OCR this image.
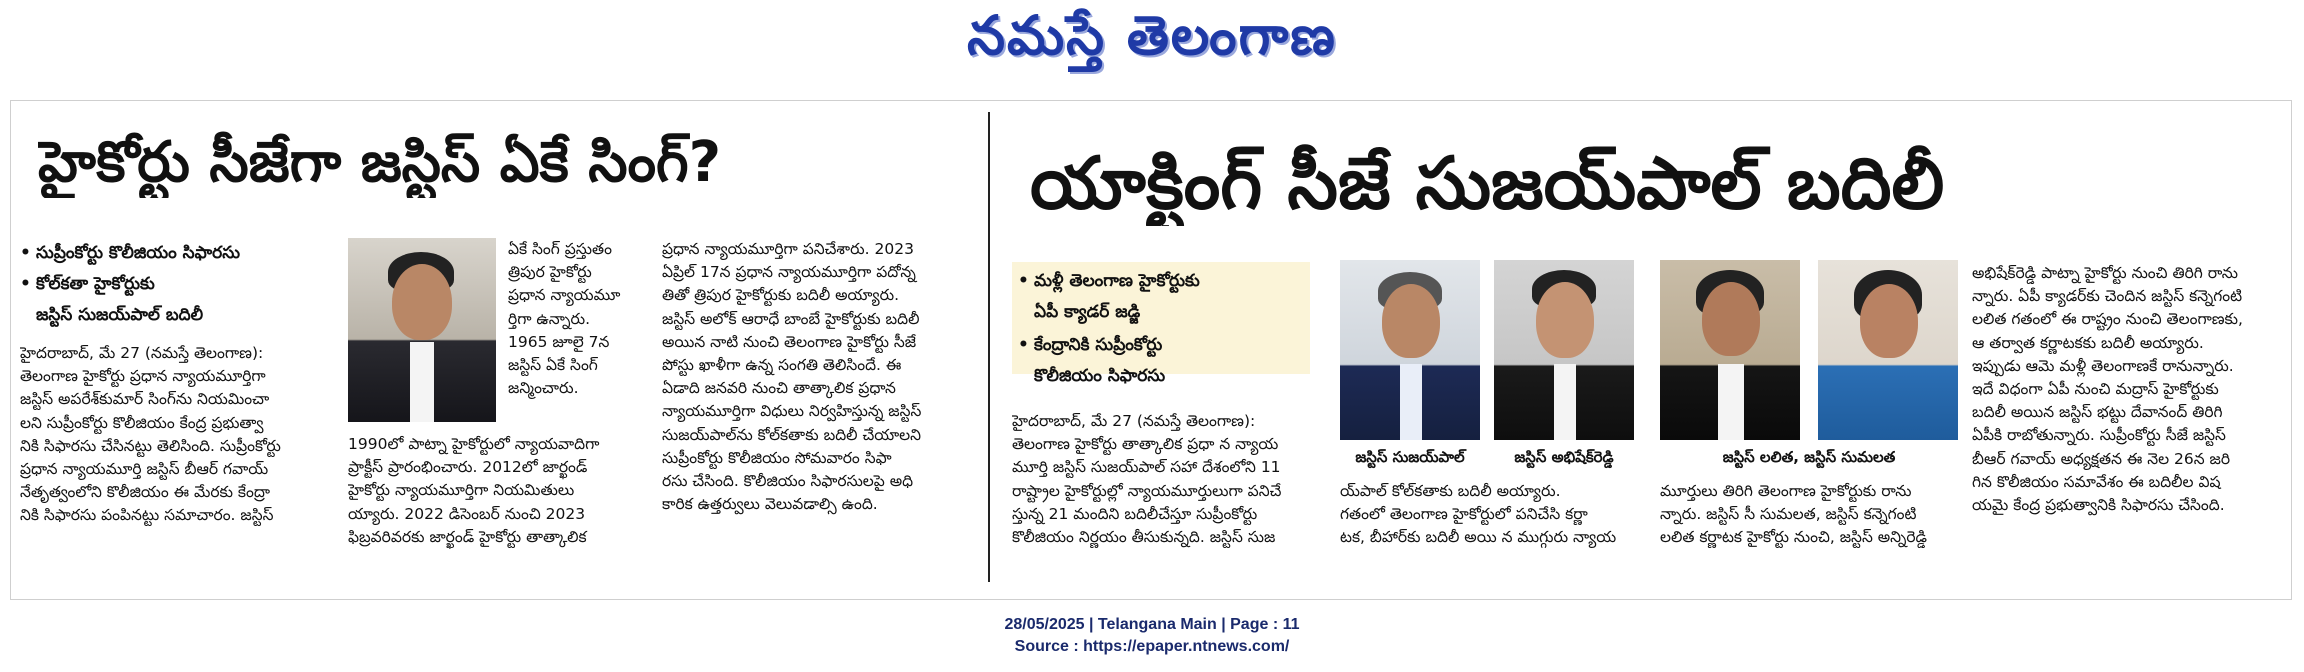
నమస్తే తెలంగాణ
హైకోర్టు సీజేగా జస్టిస్ ఏకే సింగ్?
• సుప్రీంకోర్టు కొలీజియం సిఫారసు
• కోల్‌కతా హైకోర్టుకు
జస్టిస్ సుజయ్‌పాల్ బదిలీ
హైదరాబాద్, మే 27 (నమస్తే తెలంగాణ):
తెలంగాణ హైకోర్టు ప్రధాన న్యాయమూర్తిగా
జస్టిస్ అపరేశ్‌కుమార్ సింగ్‌ను నియమించా
లని సుప్రీంకోర్టు కొలీజియం కేంద్ర ప్రభుత్వా
నికి సిఫారసు చేసినట్టు తెలిసింది. సుప్రీంకోర్టు
ప్రధాన న్యాయమూర్తి జస్టిస్ బీఆర్ గవాయ్
నేతృత్వంలోని కొలీజియం ఈ మేరకు కేంద్రా
నికి సిఫారసు పంపినట్టు సమాచారం. జస్టిస్
ఏకే సింగ్ ప్రస్తుతం
త్రిపుర హైకోర్టు
ప్రధాన న్యాయమూ
ర్తిగా ఉన్నారు.
1965 జూలై 7న
జస్టిస్ ఏకే సింగ్
జన్మించారు.
1990లో పాట్నా హైకోర్టులో న్యాయవాదిగా
ప్రాక్టీస్ ప్రారంభించారు. 2012లో జార్ఖండ్
హైకోర్టు న్యాయమూర్తిగా నియమితులు
య్యారు. 2022 డిసెంబర్ నుంచి 2023
ఫిబ్రవరివరకు జార్ఖండ్ హైకోర్టు తాత్కాలిక
ప్రధాన న్యాయమూర్తిగా పనిచేశారు. 2023
ఏప్రిల్ 17న ప్రధాన న్యాయమూర్తిగా పదోన్న
తితో త్రిపుర హైకోర్టుకు బదిలీ అయ్యారు.
జస్టిస్ అలోక్ ఆరాధే బాంబే హైకోర్టుకు బదిలీ
అయిన నాటి నుంచి తెలంగాణ హైకోర్టు సీజే
పోస్టు ఖాళీగా ఉన్న సంగతి తెలిసిందే. ఈ
ఏడాది జనవరి నుంచి తాత్కాలిక ప్రధాన
న్యాయమూర్తిగా విధులు నిర్వహిస్తున్న జస్టిస్
సుజయ్‌పాల్‌ను కోల్‌కతాకు బదిలీ చేయాలని
సుప్రీంకోర్టు కొలీజియం సోమవారం సిఫా
రసు చేసింది. కొలీజియం సిఫారసులపై అధి
కారిక ఉత్తర్వులు వెలువడాల్సి ఉంది.
యాక్టింగ్ సీజే సుజయ్‌పాల్ బదిలీ
• మళ్లీ తెలంగాణ హైకోర్టుకు
ఏపీ క్యాడర్ జడ్జి
• కేంద్రానికి సుప్రీంకోర్టు
కొలీజియం సిఫారసు
హైదరాబాద్, మే 27 (నమస్తే తెలంగాణ):
తెలంగాణ హైకోర్టు తాత్కాలిక ప్రధా న న్యాయ
మూర్తి జస్టిస్ సుజయ్‌పాల్ సహా దేశంలోని 11
రాష్ట్రాల హైకోర్టుల్లో న్యాయమూర్తులుగా పనిచే
స్తున్న 21 మందిని బదిలీచేస్తూ సుప్రీంకోర్టు
కొలీజియం నిర్ణయం తీసుకున్నది. జస్టిస్ సుజ
జస్టిస్ సుజయ్‌పాల్	జస్టిస్ అభిషేక్‌రెడ్డి	జస్టిస్ లలిత, జస్టిస్ సుమలత
య్‌పాల్ కోల్‌కతాకు బదిలీ అయ్యారు.
గతంలో తెలంగాణ హైకోర్టులో పనిచేసి కర్ణా
టక, బీహార్‌కు బదిలీ అయి న ముగ్గురు న్యాయ
మూర్తులు తిరిగి తెలంగాణ హైకోర్టుకు రాను
న్నారు. జస్టిస్ సీ సుమలత, జస్టిస్ కన్నెగంటి
లలిత కర్ణాటక హైకోర్టు నుంచి, జస్టిస్ అన్నిరెడ్డి
అభిషేక్‌రెడ్డి పాట్నా హైకోర్టు నుంచి తిరిగి రాను
న్నారు. ఏపీ క్యాడర్‌కు చెందిన జస్టిస్ కన్నెగంటి
లలిత గతంలో ఈ రాష్ట్రం నుంచి తెలంగాణకు,
ఆ తర్వాత కర్ణాటకకు బదిలీ అయ్యారు.
ఇప్పుడు ఆమె మళ్లీ తెలంగాణకే రానున్నారు.
ఇదే విధంగా ఏపీ నుంచి మద్రాస్ హైకోర్టుకు
బదిలీ అయిన జస్టిస్ భట్టు దేవానంద్ తిరిగి
ఏపీకి రాబోతున్నారు. సుప్రీంకోర్టు సీజే జస్టిస్
బీఆర్ గవాయ్ అధ్యక్షతన ఈ నెల 26న జరి
గిన కొలీజియం సమావేశం ఈ బదిలీల విష
యమై కేంద్ర ప్రభుత్వానికి సిఫారసు చేసింది.
28/05/2025 | Telangana Main | Page : 11
Source : https://epaper.ntnews.com/
